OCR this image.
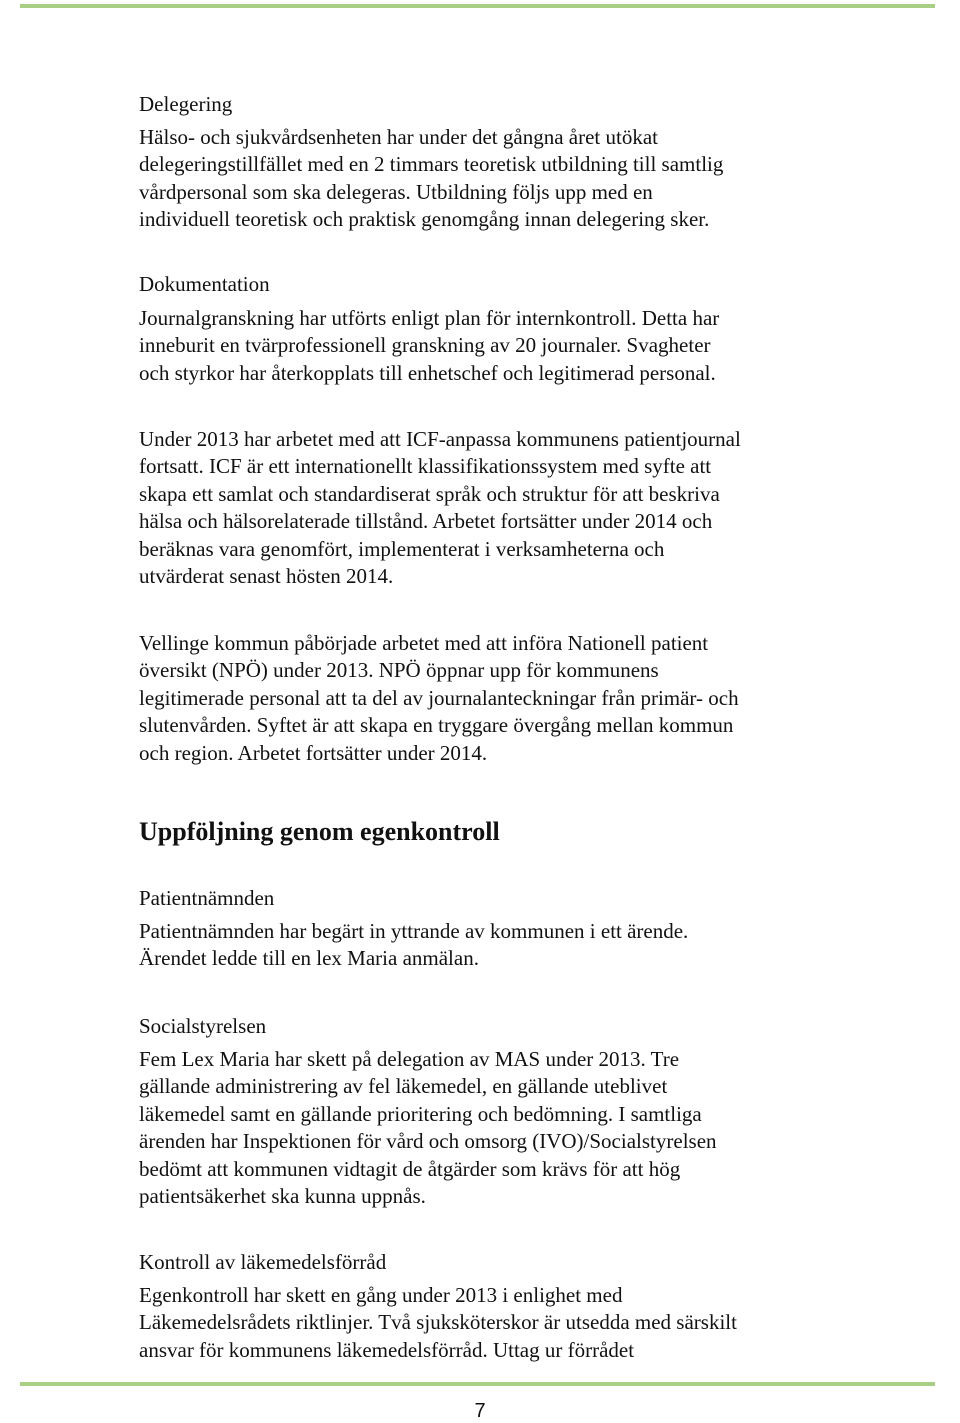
Delegering

Hälso- och sjukvårdsenheten har under det gångna året utökat
delegeringstillfället med en 2 timmars teoretisk utbildning till samtlig
vårdpersonal som ska delegeras. Utbildning följs upp med en
individuell teoretisk och praktisk genomgång innan delegering sker.

Dokumentation

Journalgranskning har utförts enligt plan för internkontroll. Detta har
inneburit en tvärprofessionell granskning av 20 journaler. Svagheter
och styrkor har återkopplats till enhetschef och legitimerad personal.

Under 2013 har arbetet med att ICF-anpassa kommunens patientjournal
fortsatt. ICF är ett internationellt klassifikationssystem med syfte att
skapa ett samlat och standardiserat språk och struktur för att beskriva
hälsa och hälsorelaterade tillstånd. Arbetet fortsätter under 2014 och
beräknas vara genomfört, implementerat i verksamheterna och
utvärderat senast hösten 2014.

Vellinge kommun påbörjade arbetet med att införa Nationell patient
översikt (NPÖ) under 2013. NPÖ öppnar upp för kommunens
legitimerade personal att ta del av journalanteckningar från primär- och
slutenvården. Syftet är att skapa en tryggare övergång mellan kommun
och region. Arbetet fortsätter under 2014.

Uppföljning genom egenkontroll

Patientnämnden

Patientnämnden har begärt in yttrande av kommunen i ett ärende.
Ärendet ledde till en lex Maria anmälan.

Socialstyrelsen

Fem Lex Maria har skett på delegation av MAS under 2013. Tre
gällande administrering av fel läkemedel, en gällande uteblivet
läkemedel samt en gällande prioritering och bedömning. I samtliga
ärenden har Inspektionen för vård och omsorg (IVO)/Socialstyrelsen
bedömt att kommunen vidtagit de åtgärder som krävs för att hög
patientsäkerhet ska kunna uppnås.

Kontroll av läkemedelsförråd

Egenkontroll har skett en gång under 2013 i enlighet med
Läkemedelsrådets riktlinjer. Två sjuksköterskor är utsedda med särskilt
ansvar för kommunens läkemedelsförråd. Uttag ur förrådet

7
